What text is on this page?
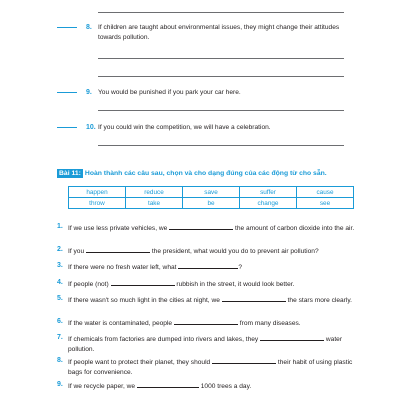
8. If children are taught about environmental issues, they might change their attitudes towards pollution.
9. You would be punished if you park your car here.
10. If you could win the competition, we will have a celebration.
Bài 11: Hoàn thành các câu sau, chọn và cho dạng đúng của các động từ cho sẵn.
happen	reduce	save	suffer	cause
throw	take	be	change	see
1. If we use less private vehicles, we	the amount of carbon dioxide into the air.
2. If you	the president, what would you do to prevent air pollution?
3. If there were no fresh water left, what	?
4. If people (not)	rubbish in the street, it would look better.
5. If there wasn't so much light in the cities at night, we	the stars more clearly.
6. If the water is contaminated, people	from many diseases.
7. If chemicals from factories are dumped into rivers and lakes, they	water pollution.
8. If people want to protect their planet, they should	their habit of using plastic bags for convenience.
9. If we recycle paper, we	1000 trees a day.
